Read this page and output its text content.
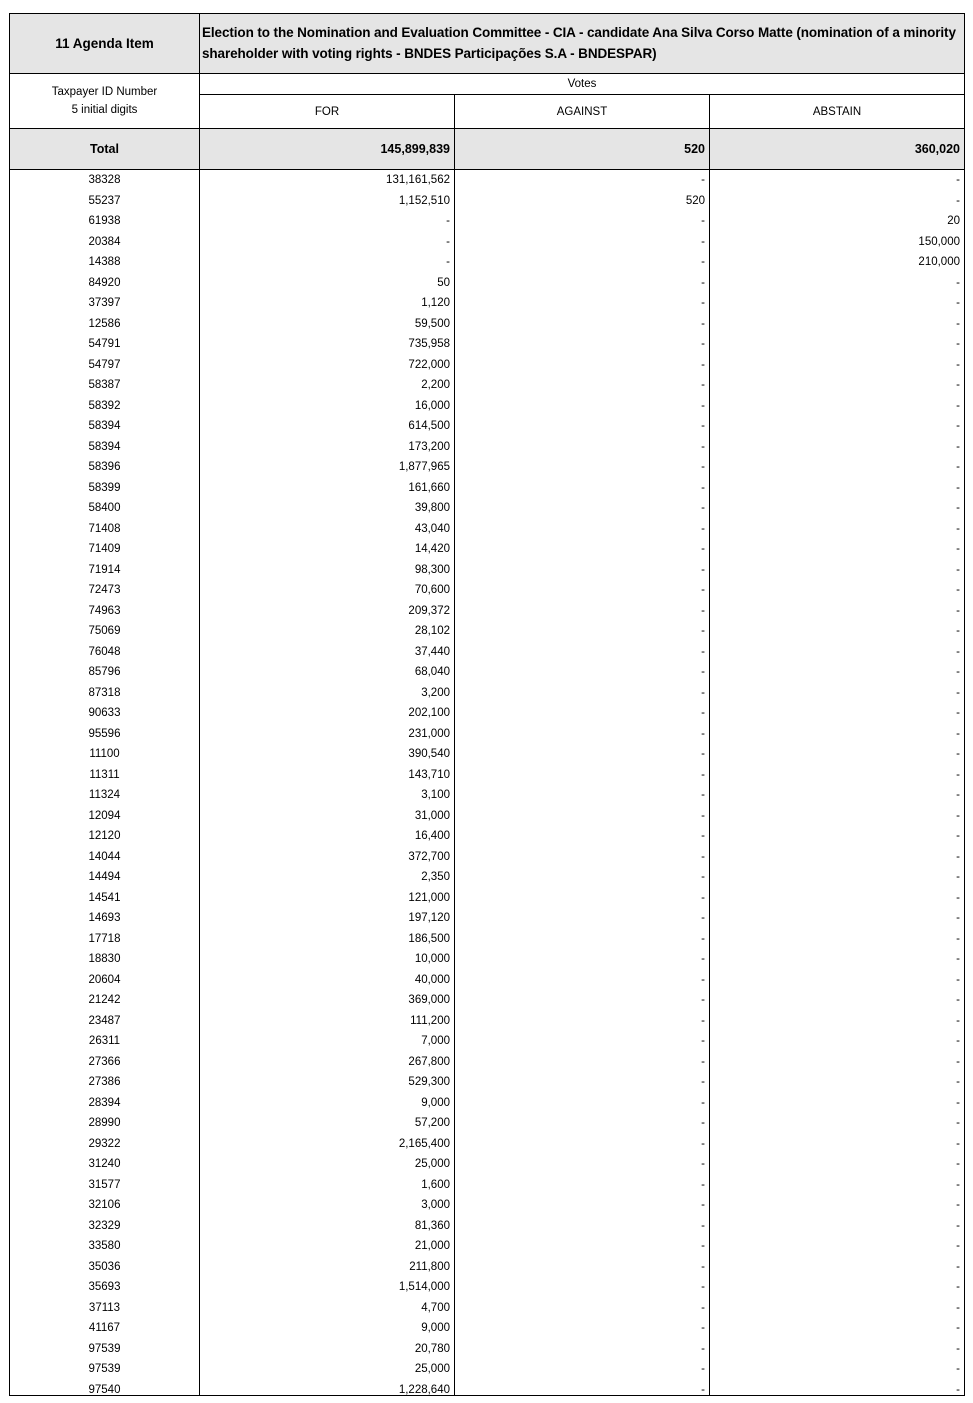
11 Agenda Item
Election to the Nomination and Evaluation Committee - CIA - candidate Ana Silva Corso Matte (nomination of a minority shareholder with voting rights - BNDES Participações S.A - BNDESPAR)
Taxpayer ID Number
5 initial digits
Votes
FOR	AGAINST	ABSTAIN
Total	145,899,839	520	360,020
38328	131,161,562	-	-
55237	1,152,510	520	-
61938	-	-	20
20384	-	-	150,000
14388	-	-	210,000
84920	50	-	-
37397	1,120	-	-
12586	59,500	-	-
54791	735,958	-	-
54797	722,000	-	-
58387	2,200	-	-
58392	16,000	-	-
58394	614,500	-	-
58394	173,200	-	-
58396	1,877,965	-	-
58399	161,660	-	-
58400	39,800	-	-
71408	43,040	-	-
71409	14,420	-	-
71914	98,300	-	-
72473	70,600	-	-
74963	209,372	-	-
75069	28,102	-	-
76048	37,440	-	-
85796	68,040	-	-
87318	3,200	-	-
90633	202,100	-	-
95596	231,000	-	-
11100	390,540	-	-
11311	143,710	-	-
11324	3,100	-	-
12094	31,000	-	-
12120	16,400	-	-
14044	372,700	-	-
14494	2,350	-	-
14541	121,000	-	-
14693	197,120	-	-
17718	186,500	-	-
18830	10,000	-	-
20604	40,000	-	-
21242	369,000	-	-
23487	111,200	-	-
26311	7,000	-	-
27366	267,800	-	-
27386	529,300	-	-
28394	9,000	-	-
28990	57,200	-	-
29322	2,165,400	-	-
31240	25,000	-	-
31577	1,600	-	-
32106	3,000	-	-
32329	81,360	-	-
33580	21,000	-	-
35036	211,800	-	-
35693	1,514,000	-	-
37113	4,700	-	-
41167	9,000	-	-
97539	20,780	-	-
97539	25,000	-	-
97540	1,228,640	-	-
